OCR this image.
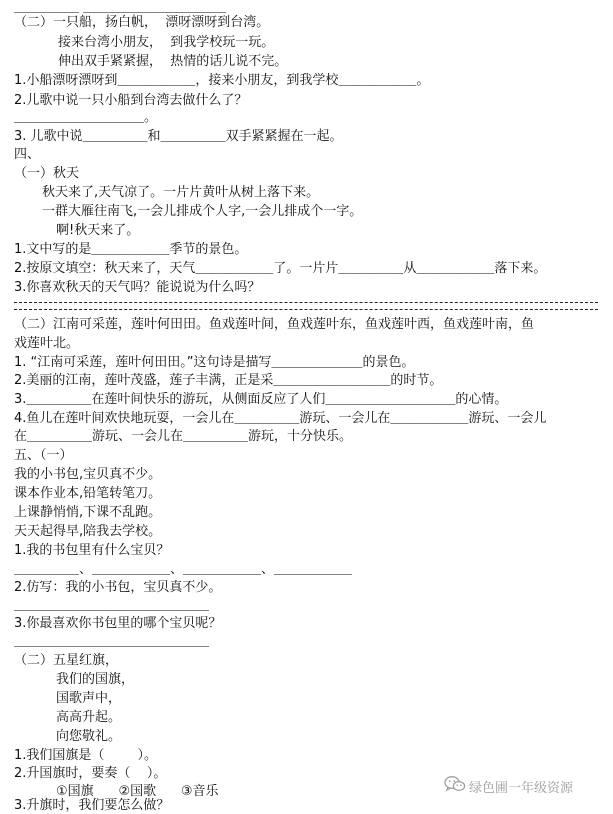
＿＿＿＿＿ ＿＿＿＿＿＿＿＿＿＿＿
（二）一只船，扬白帆，  漂呀漂呀到台湾。
接来台湾小朋友，  到我学校玩一玩。
伸出双手紧紧握，  热情的话儿说不完。
1.小船漂呀漂呀到＿＿＿＿＿＿，接来小朋友，到我学校＿＿＿＿＿＿。
2.儿歌中说一只小船到台湾去做什么了？
＿＿＿＿＿＿＿＿＿＿。
3. 儿歌中说＿＿＿＿＿和＿＿＿＿＿双手紧紧握在一起。
四、
（一）秋天
秋天来了,天气凉了。一片片黄叶从树上落下来。
一群大雁往南飞,一会儿排成个人字,一会儿排成个一字。
啊!秋天来了。
1.文中写的是＿＿＿＿＿＿季节的景色。
2.按原文填空：秋天来了，天气＿＿＿＿＿＿了。一片片＿＿＿＿＿从＿＿＿＿＿＿落下来。
3.你喜欢秋天的天气吗？能说说为什么吗？
（二）江南可采莲，莲叶何田田。鱼戏莲叶间，鱼戏莲叶东，鱼戏莲叶西，鱼戏莲叶南，鱼
戏莲叶北。
1. “江南可采莲，莲叶何田田。”这句诗是描写＿＿＿＿＿＿＿的景色。
2.美丽的江南，莲叶茂盛，莲子丰满，正是采＿＿＿＿＿＿＿＿＿的时节。
3.＿＿＿＿＿在莲叶间快乐的游玩，从侧面反应了人们＿＿＿＿＿＿＿＿＿＿的心情。
4.鱼儿在莲叶间欢快地玩耍，一会儿在＿＿＿＿＿游玩、一会儿在＿＿＿＿＿＿游玩、一会儿
在＿＿＿＿＿游玩、一会儿在＿＿＿＿＿游玩，十分快乐。
五、（一）
我的小书包,宝贝真不少。
课本作业本,铅笔转笔刀。
上课静悄悄,下课不乱跑。
天天起得早,陪我去学校。
1.我的书包里有什么宝贝？
＿＿＿＿＿、＿＿＿＿＿＿、＿＿＿＿＿＿、＿＿＿＿＿＿
2.仿写：我的小书包，宝贝真不少。
＿＿＿＿＿＿＿＿＿＿＿＿＿＿＿
3.你最喜欢你书包里的哪个宝贝呢？
＿＿＿＿＿＿＿＿＿＿＿＿＿＿＿
（二）五星红旗，
我们的国旗，
国歌声中，
高高升起。
向您敬礼。
1.我们国旗是（        ）。
2.升国旗时，要奏（    ）。
①国旗      ②国歌      ③音乐
3.升旗时，我们要怎么做？
绿色圃一年级资源
